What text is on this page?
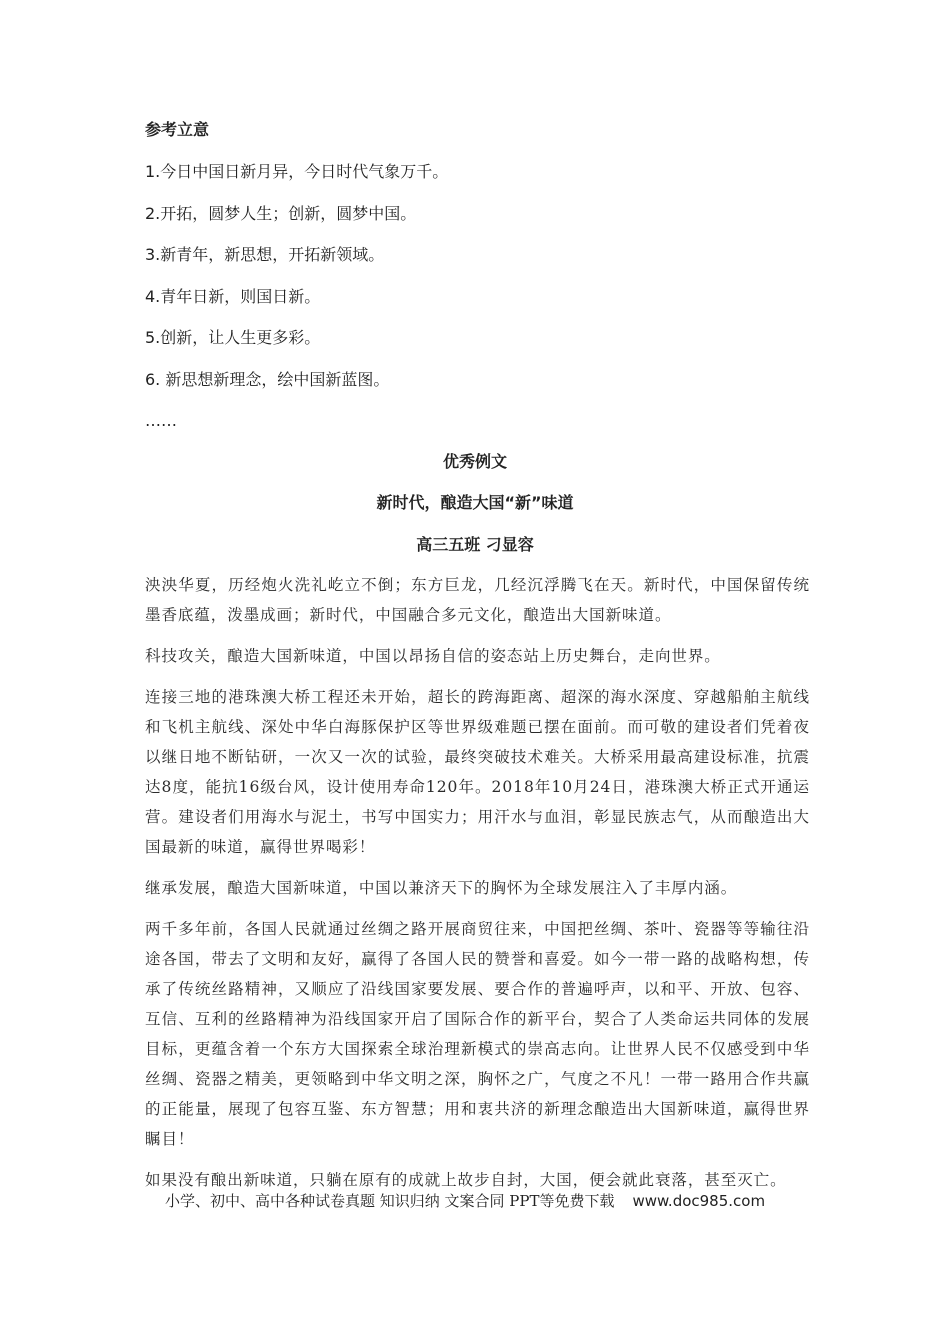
参考立意
1.今日中国日新月异，今日时代气象万千。
2.开拓，圆梦人生；创新，圆梦中国。
3.新青年，新思想，开拓新领域。
4.青年日新，则国日新。
5.创新，让人生更多彩。
6. 新思想新理念，绘中国新蓝图。
……
优秀例文
新时代，酿造大国“新”味道
高三五班 刁显容

泱泱华夏，历经炮火洗礼屹立不倒；东方巨龙，几经沉浮腾飞在天。新时代，中国保留传统墨香底蕴，泼墨成画；新时代，中国融合多元文化，酿造出大国新味道。

科技攻关，酿造大国新味道，中国以昂扬自信的姿态站上历史舞台，走向世界。

连接三地的港珠澳大桥工程还未开始，超长的跨海距离、超深的海水深度、穿越船舶主航线和飞机主航线、深处中华白海豚保护区等世界级难题已摆在面前。而可敬的建设者们凭着夜以继日地不断钻研，一次又一次的试验，最终突破技术难关。大桥采用最高建设标准，抗震达8度，能抗16级台风，设计使用寿命120年。2018年10月24日，港珠澳大桥正式开通运营。建设者们用海水与泥土，书写中国实力；用汗水与血泪，彰显民族志气，从而酿造出大国最新的味道，赢得世界喝彩！

继承发展，酿造大国新味道，中国以兼济天下的胸怀为全球发展注入了丰厚内涵。

两千多年前，各国人民就通过丝绸之路开展商贸往来，中国把丝绸、茶叶、瓷器等等输往沿途各国，带去了文明和友好，赢得了各国人民的赞誉和喜爱。如今一带一路的战略构想，传承了传统丝路精神，又顺应了沿线国家要发展、要合作的普遍呼声，以和平、开放、包容、互信、互利的丝路精神为沿线国家开启了国际合作的新平台，契合了人类命运共同体的发展目标，更蕴含着一个东方大国探索全球治理新模式的崇高志向。让世界人民不仅感受到中华丝绸、瓷器之精美，更领略到中华文明之深，胸怀之广，气度之不凡！一带一路用合作共赢的正能量，展现了包容互鉴、东方智慧；用和衷共济的新理念酿造出大国新味道，赢得世界瞩目！

如果没有酿出新味道，只躺在原有的成就上故步自封，大国，便会就此衰落，甚至灭亡。

小学、初中、高中各种试卷真题 知识归纳 文案合同 PPT等免费下载 www.doc985.com
